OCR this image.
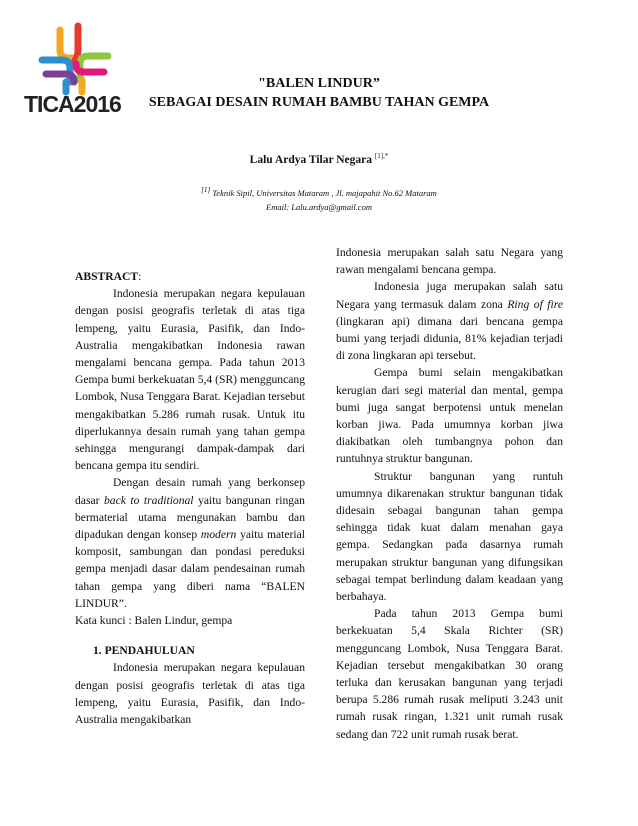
TICA2016
"BALEN LINDUR”
SEBAGAI DESAIN RUMAH BAMBU TAHAN GEMPA
Lalu Ardya Tilar Negara $^{[1],*}$
[1] Teknik Sipil, Universitas Mataram , Jl. majapahit No.62 Mataram
Email: Lalu.ardya@gmail.com

ABSTRACT:

Indonesia merupakan negara kepulauan dengan posisi geografis terletak di atas tiga lempeng, yaitu Eurasia, Pasifik, dan Indo-Australia mengakibatkan Indonesia rawan mengalami bencana gempa. Pada tahun 2013 Gempa bumi berkekuatan 5,4 (SR) mengguncang Lombok, Nusa Tenggara Barat. Kejadian tersebut mengakibatkan 5.286 rumah rusak. Untuk itu diperlukannya desain rumah yang tahan gempa sehingga mengurangi dampak-dampak dari bencana gempa itu sendiri.

Dengan desain rumah yang berkonsep dasar back to traditional yaitu bangunan ringan bermaterial utama mengunakan bambu dan dipadukan dengan konsep modern yaitu material komposit, sambungan dan pondasi pereduksi gempa menjadi dasar dalam pendesainan rumah tahan gempa yang diberi nama “BALEN LINDUR”.

Kata kunci : Balen Lindur, gempa

1. PENDAHULUAN

Indonesia merupakan negara kepulauan dengan posisi geografis terletak di atas tiga lempeng, yaitu Eurasia, Pasifik, dan Indo-Australia mengakibatkan

Indonesia merupakan salah satu Negara yang rawan mengalami bencana gempa.

Indonesia juga merupakan salah satu Negara yang termasuk dalam zona Ring of fire (lingkaran api) dimana dari bencana gempa bumi yang terjadi didunia, 81% kejadian terjadi di zona lingkaran api tersebut.

Gempa bumi selain mengakibatkan kerugian dari segi material dan mental, gempa bumi juga sangat berpotensi untuk menelan korban jiwa. Pada umumnya korban jiwa diakibatkan oleh tumbangnya pohon dan runtuhnya struktur bangunan.

Struktur bangunan yang runtuh umumnya dikarenakan struktur bangunan tidak didesain sebagai bangunan tahan gempa sehingga tidak kuat dalam menahan gaya gempa. Sedangkan pada dasarnya rumah merupakan struktur bangunan yang difungsikan sebagai tempat berlindung dalam keadaan yang berbahaya.

Pada tahun 2013 Gempa bumi berkekuatan 5,4 Skala Richter (SR) mengguncang Lombok, Nusa Tenggara Barat. Kejadian tersebut mengakibatkan 30 orang terluka dan kerusakan bangunan yang terjadi berupa 5.286 rumah rusak meliputi 3.243 unit rumah rusak ringan, 1.321 unit rumah rusak sedang dan 722 unit rumah rusak berat.
